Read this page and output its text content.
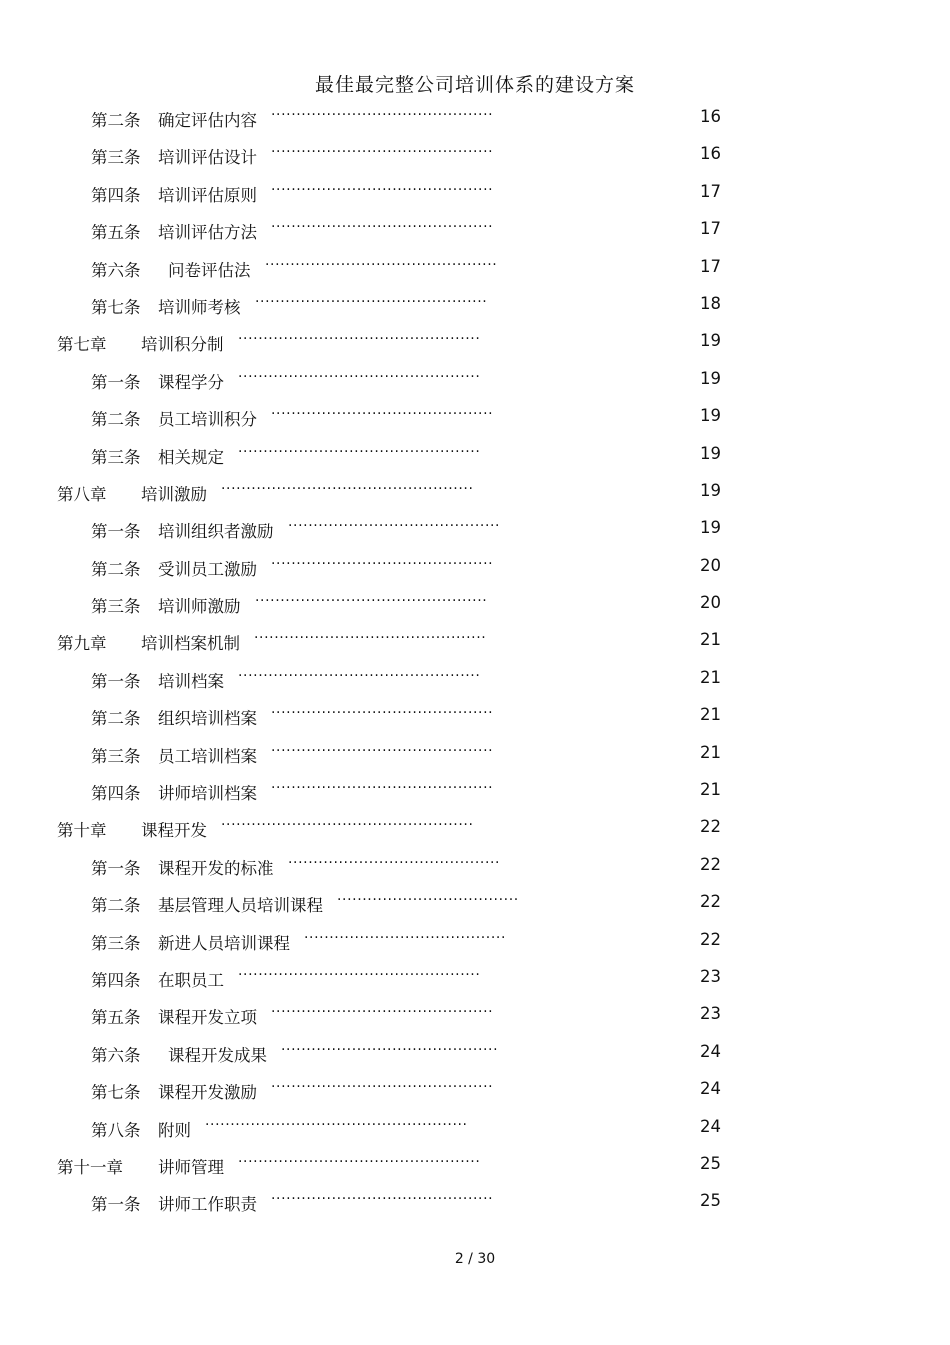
最佳最完整公司培训体系的建设方案
第二条 确定评估内容 ............................................	16
第三条 培训评估设计 ............................................	16
第四条 培训评估原则 ............................................	17
第五条 培训评估方法 ............................................	17
第六条 问卷评估法 ..............................................	17
第七条 培训师考核 ..............................................	18
第七章 培训积分制 ................................................	19
第一条 课程学分 ................................................	19
第二条 员工培训积分 ............................................	19
第三条 相关规定 ................................................	19
第八章 培训激励 ..................................................	19
第一条 培训组织者激励 ..........................................	19
第二条 受训员工激励 ............................................	20
第三条 培训师激励 ..............................................	20
第九章 培训档案机制 ..............................................	21
第一条 培训档案 ................................................	21
第二条 组织培训档案 ............................................	21
第三条 员工培训档案 ............................................	21
第四条 讲师培训档案 ............................................	21
第十章 课程开发 ..................................................	22
第一条 课程开发的标准 ..........................................	22
第二条 基层管理人员培训课程 ....................................	22
第三条 新进人员培训课程 ........................................	22
第四条 在职员工 ................................................	23
第五条 课程开发立项 ............................................	23
第六条 课程开发成果 ...........................................	24
第七条 课程开发激励 ............................................	24
第八条 附则 ....................................................	24
第十一章 讲师管理 ................................................	25
第一条 讲师工作职责 ............................................	25
2 / 30
